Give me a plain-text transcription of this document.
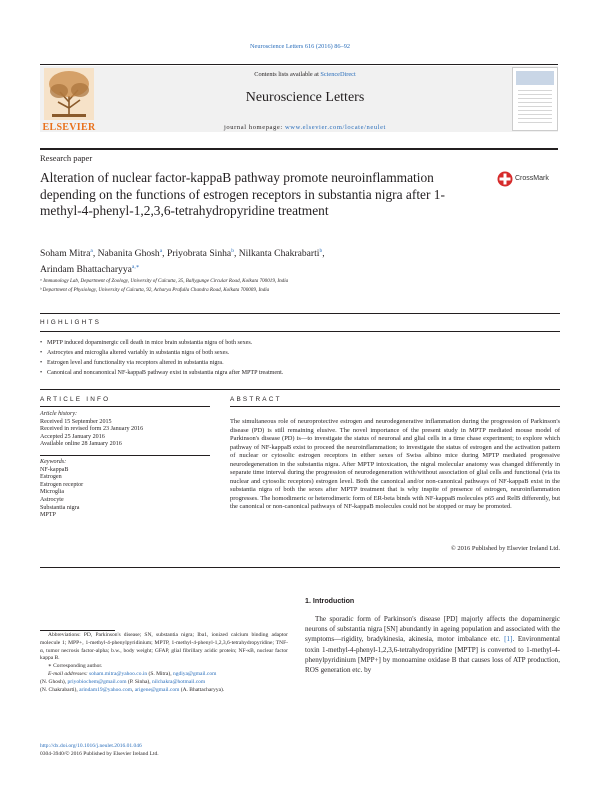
Neuroscience Letters 616 (2016) 86–92
ELSEVIER
Contents lists available at ScienceDirect
Neuroscience Letters
journal homepage: www.elsevier.com/locate/neulet
Research paper
Alteration of nuclear factor-kappaB pathway promote neuroinflammation depending on the functions of estrogen receptors in substantia nigra after 1-methyl-4-phenyl-1,2,3,6-tetrahydropyridine treatment
CrossMark
Soham Mitra$^a$, Nabanita Ghosh$^a$, Priyobrata Sinha$^b$, Nilkanta Chakrabarti$^b$,
Arindam Bhattacharyya$^{a,∗}$
ᵃ Immunology Lab, Department of Zoology, University of Calcutta, 35, Ballygunge Circular Road, Kolkata 700019, India
ᵇ Department of Physiology, University of Calcutta, 92, Acharya Prafulla Chandra Road, Kolkata 700009, India
HIGHLIGHTS
• MPTP induced dopaminergic cell death in mice brain substantia nigra of both sexes.
• Astrocytes and microglia altered variably in substantia nigra of both sexes.
• Estrogen level and functionality via receptors altered in substantia nigra.
• Canonical and noncanonical NF-kappaB pathway exist in substantia nigra after MPTP treatment.
ARTICLE INFO	ABSTRACT
Article history:
Received 15 September 2015
Received in revised form 23 January 2016
Accepted 25 January 2016
Available online 28 January 2016
Keywords:
NF-kappaB
Estrogen
Estrogen receptor
Microglia
Astrocyte
Substantia nigra
MPTP
The simultaneous role of neuroprotective estrogen and neurodegenerative inflammation during the progression of Parkinson's disease (PD) is still remaining elusive. The novel importance of the present study in MPTP mediated mouse model of Parkinson's disease (PD) is—to investigate the status of neuronal and glial cells in a time chase experiment; to explore which pathway of NF-kappaB exist to proceed the neuroinflammation; to investigate the status of estrogen and the activation pattern of nuclear or cytosolic estrogen receptors in either sexes of Swiss albino mice during MPTP mediated progressive neurodegeneration in the substantia nigra. After MPTP intoxication, the nigral molecular anatomy was changed differently in separate time interval during the progression of neurodegeneration with/without association of glial cells and functional (via its nuclear and cytosolic receptors) estrogen level. Both the canonical and/or non-canonical pathways of NF-kappaB exist in the substantia nigra of both the sexes after MPTP treatment that is why inspite of presence of estrogen, neuroinflammation progresses. The homodimeric or heterodimeric form of ER-beta binds with NF-kappaB molecules p65 and RelB differently, but the canonical or non-canonical pathways of NF-kappaB molecules could not be stopped or may be promoted.
© 2016 Published by Elsevier Ireland Ltd.
Abbreviations: PD, Parkinson's disease; SN, substantia nigra; Iba1, ionized calcium binding adaptor molecule 1; MPP+, 1-methyl-4-phenylpyridinium; MPTP, 1-methyl-4-phenyl-1,2,3,6-tetrahydropyridine; TNF-α, tumor necrosis factor-alpha; b.w., body weight; GFAP, glial fibrillary acidic protein; NF-κB, nuclear factor kappa B.
∗ Corresponding author.
E-mail addresses: soham.mitra@yahoo.co.in (S. Mitra), ngdiya@gmail.com
(N. Ghosh), priyobiochem@gmail.com (P. Sinha), nilchakra@hotmail.com
(N. Chakrabarti), arindam19@yahoo.com, arigene@gmail.com (A. Bhattacharyya).
http://dx.doi.org/10.1016/j.neulet.2016.01.046
0304-3940/© 2016 Published by Elsevier Ireland Ltd.
1. Introduction
The sporadic form of Parkinson's disease [PD] majorly affects the dopaminergic neurons of substantia nigra [SN] abundantly in ageing population and associated with the symptoms—rigidity, bradykinesia, akinesia, motor imbalance etc. [1]. Environmental toxin 1-methyl-4-phenyl-1,2,3,6-tetrahydropyridine [MPTP] is converted to 1-methyl-4-phenylpyridinium [MPP+] by monoamine oxidase B that causes loss of ATP production, ROS generation etc. by
